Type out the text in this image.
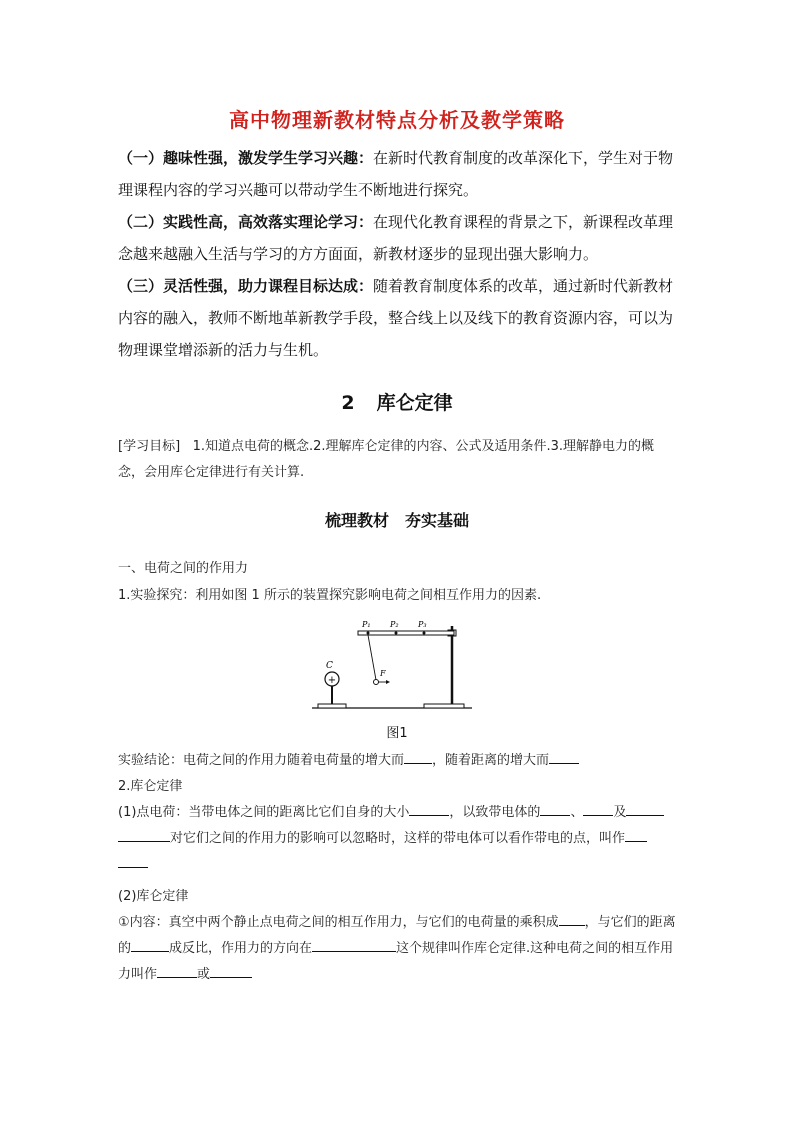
高中物理新教材特点分析及教学策略
（一）趣味性强，激发学生学习兴趣：在新时代教育制度的改革深化下，学生对于物理课程内容的学习兴趣可以带动学生不断地进行探究。
（二）实践性高，高效落实理论学习：在现代化教育课程的背景之下，新课程改革理念越来越融入生活与学习的方方面面，新教材逐步的显现出强大影响力。
（三）灵活性强，助力课程目标达成：随着教育制度体系的改革，通过新时代新教材内容的融入，教师不断地革新教学手段，整合线上以及线下的教育资源内容，可以为物理课堂增添新的活力与生机。
2 库仑定律
[学习目标] 1.知道点电荷的概念.2.理解库仑定律的内容、公式及适用条件.3.理解静电力的概念，会用库仑定律进行有关计算.
梳理教材　夯实基础
一、电荷之间的作用力
1.实验探究：利用如图 1 所示的装置探究影响电荷之间相互作用力的因素.
+
C
P₁ P₂ P₃
F
图1
实验结论：电荷之间的作用力随着电荷量的增大而 ，随着距离的增大而
2.库仑定律
(1)点电荷：当带电体之间的距离比它们自身的大小	，以致带电体的 、 及对它们之间的作用力的影响可以忽略时，这样的带电体可以看作带电的点，叫作

(2)库仑定律
①内容：真空中两个静止点电荷之间的相互作用力，与它们的电荷量的乘积成 ，与它们的距离的	成反比，作用力的方向在	这个规律叫作库仑定律.这种电荷之间的相互作用力叫作	或
